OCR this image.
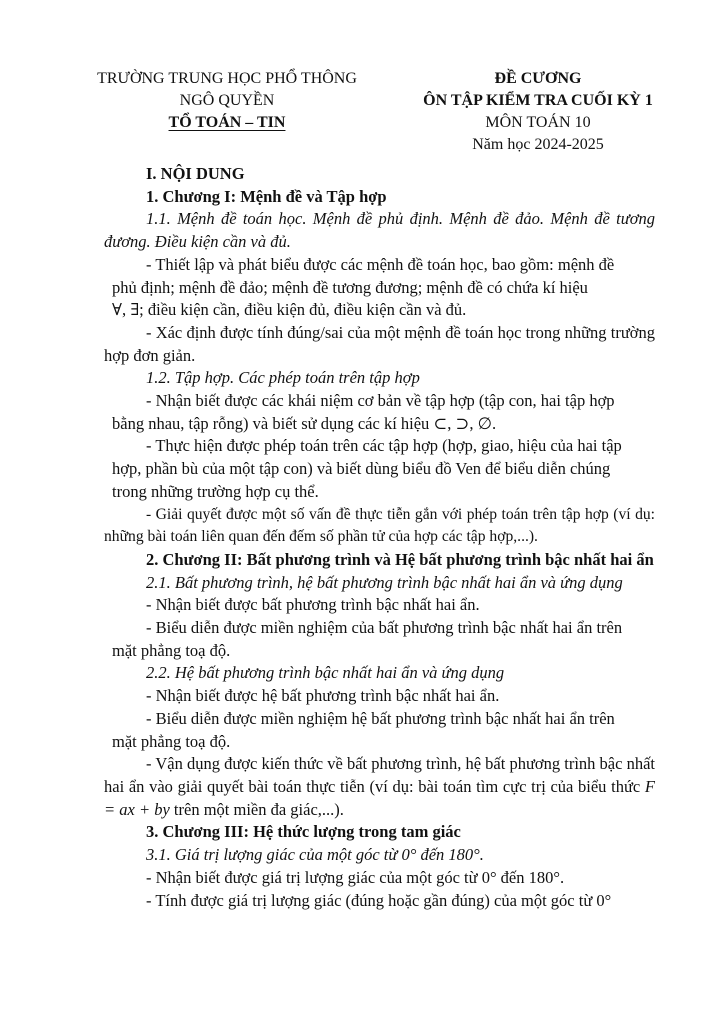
TRƯỜNG TRUNG HỌC PHỔ THÔNG
NGÔ QUYỀN
TỔ TOÁN – TIN
ĐỀ CƯƠNG
ÔN TẬP KIỂM TRA CUỐI KỲ 1
MÔN TOÁN 10
Năm học 2024-2025

I. NỘI DUNG

1. Chương I: Mệnh đề và Tập hợp

1.1. Mệnh đề toán học. Mệnh đề phủ định. Mệnh đề đảo. Mệnh đề tương đương. Điều kiện cần và đủ.

- Thiết lập và phát biểu được các mệnh đề toán học, bao gồm: mệnh đề

phủ định; mệnh đề đảo; mệnh đề tương đương; mệnh đề có chứa kí hiệu

∀, ∃; điều kiện cần, điều kiện đủ, điều kiện cần và đủ.

- Xác định được tính đúng/sai của một mệnh đề toán học trong những trường hợp đơn giản.

1.2. Tập hợp. Các phép toán trên tập hợp

- Nhận biết được các khái niệm cơ bản về tập hợp (tập con, hai tập hợp

bằng nhau, tập rỗng) và biết sử dụng các kí hiệu ⊂, ⊃, ∅.

- Thực hiện được phép toán trên các tập hợp (hợp, giao, hiệu của hai tập

hợp, phần bù của một tập con) và biết dùng biểu đồ Ven để biểu diễn chúng

trong những trường hợp cụ thể.

- Giải quyết được một số vấn đề thực tiễn gắn với phép toán trên tập hợp (ví dụ: những bài toán liên quan đến đếm số phần tử của hợp các tập hợp,...).

2. Chương II: Bất phương trình và Hệ bất phương trình bậc nhất hai ẩn

2.1. Bất phương trình, hệ bất phương trình bậc nhất hai ẩn và ứng dụng

- Nhận biết được bất phương trình bậc nhất hai ẩn.

- Biểu diễn được miền nghiệm của bất phương trình bậc nhất hai ẩn trên

mặt phẳng toạ độ.

2.2. Hệ bất phương trình bậc nhất hai ẩn và ứng dụng

- Nhận biết được hệ bất phương trình bậc nhất hai ẩn.

- Biểu diễn được miền nghiệm hệ bất phương trình bậc nhất hai ẩn trên

mặt phẳng toạ độ.

- Vận dụng được kiến thức về bất phương trình, hệ bất phương trình bậc nhất hai ẩn vào giải quyết bài toán thực tiễn (ví dụ: bài toán tìm cực trị của biểu thức F = ax + by trên một miền đa giác,...).

3. Chương III: Hệ thức lượng trong tam giác

3.1. Giá trị lượng giác của một góc từ 0° đến 180°.

- Nhận biết được giá trị lượng giác của một góc từ 0° đến 180°.

- Tính được giá trị lượng giác (đúng hoặc gần đúng) của một góc từ 0°
